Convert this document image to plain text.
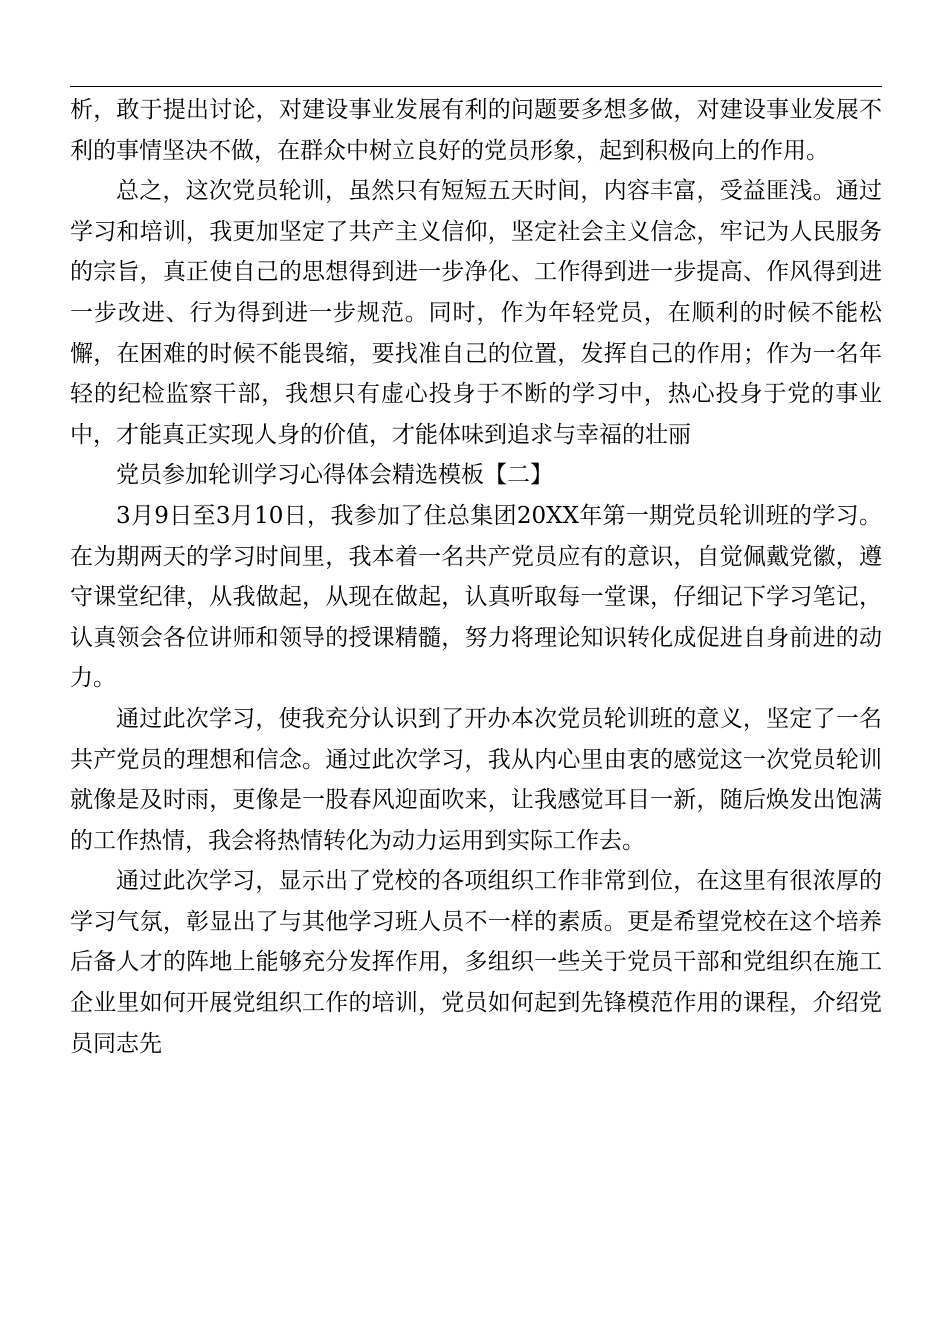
析，敢于提出讨论，对建设事业发展有利的问题要多想多做，对建设事业发展不利的事情坚决不做，在群众中树立良好的党员形象，起到积极向上的作用。

总之，这次党员轮训，虽然只有短短五天时间，内容丰富，受益匪浅。通过学习和培训，我更加坚定了共产主义信仰，坚定社会主义信念，牢记为人民服务的宗旨，真正使自己的思想得到进一步净化、工作得到进一步提高、作风得到进一步改进、行为得到进一步规范。同时，作为年轻党员，在顺利的时候不能松懈，在困难的时候不能畏缩，要找准自己的位置，发挥自己的作用；作为一名年轻的纪检监察干部，我想只有虚心投身于不断的学习中，热心投身于党的事业中，才能真正实现人身的价值，才能体味到追求与幸福的壮丽

党员参加轮训学习心得体会精选模板【二】

3月9日至3月10日，我参加了住总集团20XX年第一期党员轮训班的学习。在为期两天的学习时间里，我本着一名共产党员应有的意识，自觉佩戴党徽，遵守课堂纪律，从我做起，从现在做起，认真听取每一堂课，仔细记下学习笔记，认真领会各位讲师和领导的授课精髓，努力将理论知识转化成促进自身前进的动力。

通过此次学习，使我充分认识到了开办本次党员轮训班的意义，坚定了一名共产党员的理想和信念。通过此次学习，我从内心里由衷的感觉这一次党员轮训就像是及时雨，更像是一股春风迎面吹来，让我感觉耳目一新，随后焕发出饱满的工作热情，我会将热情转化为动力运用到实际工作去。

通过此次学习，显示出了党校的各项组织工作非常到位，在这里有很浓厚的学习气氛，彰显出了与其他学习班人员不一样的素质。更是希望党校在这个培养后备人才的阵地上能够充分发挥作用，多组织一些关于党员干部和党组织在施工企业里如何开展党组织工作的培训，党员如何起到先锋模范作用的课程，介绍党员同志先
